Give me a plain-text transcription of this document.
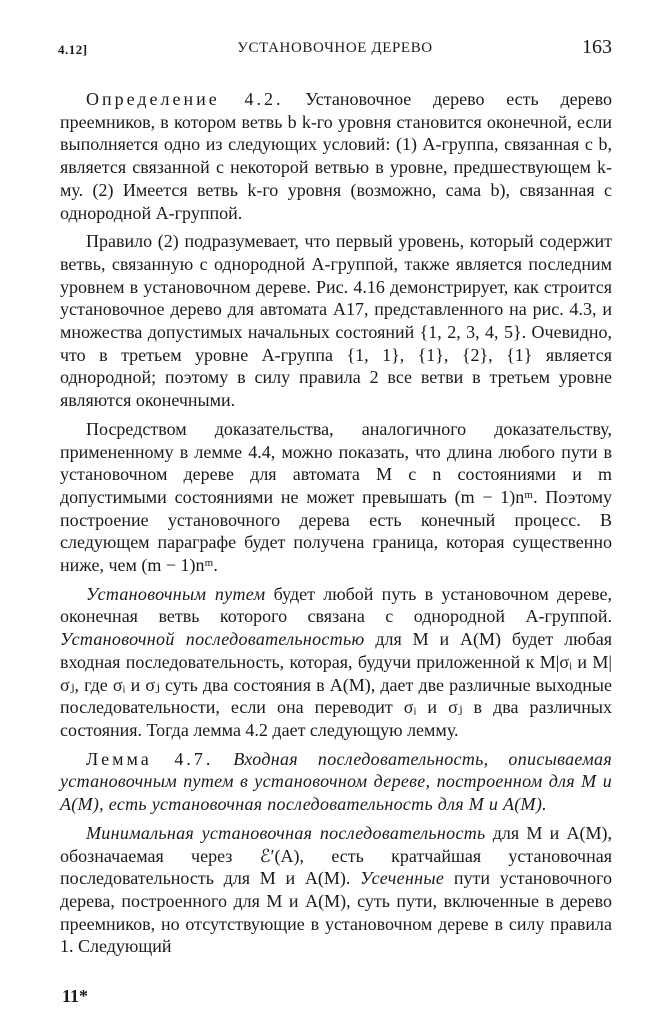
4.12]	УСТАНОВОЧНОЕ ДЕРЕВО	163

Определение 4.2. Установочное дерево есть дерево преемников, в котором ветвь b k-го уровня становится оконечной, если выполняется одно из следующих условий: (1) A-группа, связанная с b, является связанной с некоторой ветвью в уровне, предшествующем k-му. (2) Имеется ветвь k-го уровня (возможно, сама b), связанная с однородной A-группой.

Правило (2) подразумевает, что первый уровень, который содержит ветвь, связанную с однородной A-группой, также является последним уровнем в установочном дереве. Рис. 4.16 демонстрирует, как строится установочное дерево для автомата A17, представленного на рис. 4.3, и множества допустимых начальных состояний {1, 2, 3, 4, 5}. Очевидно, что в третьем уровне A-группа {1, 1}, {1}, {2}, {1} является однородной; поэтому в силу правила 2 все ветви в третьем уровне являются оконечными.

Посредством доказательства, аналогичного доказательству, примененному в лемме 4.4, можно показать, что длина любого пути в установочном дереве для автомата M с n состояниями и m допустимыми состояниями не может превышать (m − 1)nᵐ. Поэтому построение установочного дерева есть конечный процесс. В следующем параграфе будет получена граница, которая существенно ниже, чем (m − 1)nᵐ.

Установочным путем будет любой путь в установочном дереве, оконечная ветвь которого связана с однородной A-группой. Установочной последовательностью для M и A(M) будет любая входная последовательность, которая, будучи приложенной к M|σᵢ и M|σⱼ, где σᵢ и σⱼ суть два состояния в A(M), дает две различные выходные последовательности, если она переводит σᵢ и σⱼ в два различных состояния. Тогда лемма 4.2 дает следующую лемму.

Лемма 4.7. Входная последовательность, описываемая установочным путем в установочном дереве, построенном для M и A(M), есть установочная последовательность для M и A(M).

Минимальная установочная последовательность для M и A(M), обозначаемая через ℰ′(A), есть кратчайшая установочная последовательность для M и A(M). Усеченные пути установочного дерева, построенного для M и A(M), суть пути, включенные в дерево преемников, но отсутствующие в установочном дереве в силу правила 1. Следующий

11*
